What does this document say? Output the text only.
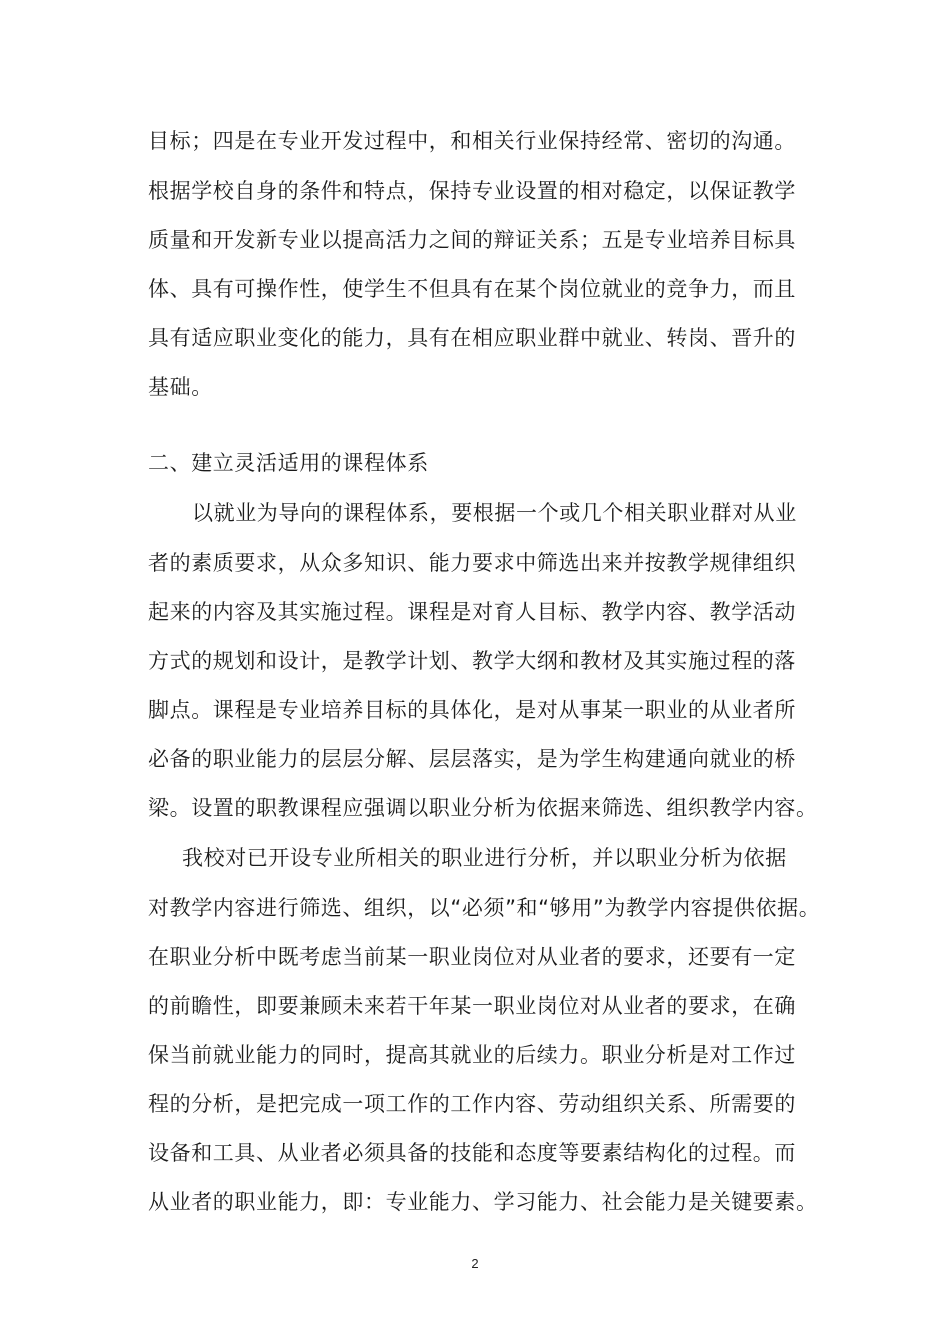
目标；四是在专业开发过程中，和相关行业保持经常、密切的沟通。
根据学校自身的条件和特点，保持专业设置的相对稳定，以保证教学
质量和开发新专业以提高活力之间的辩证关系；五是专业培养目标具
体、具有可操作性，使学生不但具有在某个岗位就业的竞争力，而且
具有适应职业变化的能力，具有在相应职业群中就业、转岗、晋升的
基础。
二、建立灵活适用的课程体系
以就业为导向的课程体系，要根据一个或几个相关职业群对从业
者的素质要求，从众多知识、能力要求中筛选出来并按教学规律组织
起来的内容及其实施过程。课程是对育人目标、教学内容、教学活动
方式的规划和设计，是教学计划、教学大纲和教材及其实施过程的落
脚点。课程是专业培养目标的具体化，是对从事某一职业的从业者所
必备的职业能力的层层分解、层层落实，是为学生构建通向就业的桥
梁。设置的职教课程应强调以职业分析为依据来筛选、组织教学内容。
我校对已开设专业所相关的职业进行分析，并以职业分析为依据
对教学内容进行筛选、组织，以“必须”和“够用”为教学内容提供依据。
在职业分析中既考虑当前某一职业岗位对从业者的要求，还要有一定
的前瞻性，即要兼顾未来若干年某一职业岗位对从业者的要求，在确
保当前就业能力的同时，提高其就业的后续力。职业分析是对工作过
程的分析，是把完成一项工作的工作内容、劳动组织关系、所需要的
设备和工具、从业者必须具备的技能和态度等要素结构化的过程。而
从业者的职业能力，即：专业能力、学习能力、社会能力是关键要素。
2
